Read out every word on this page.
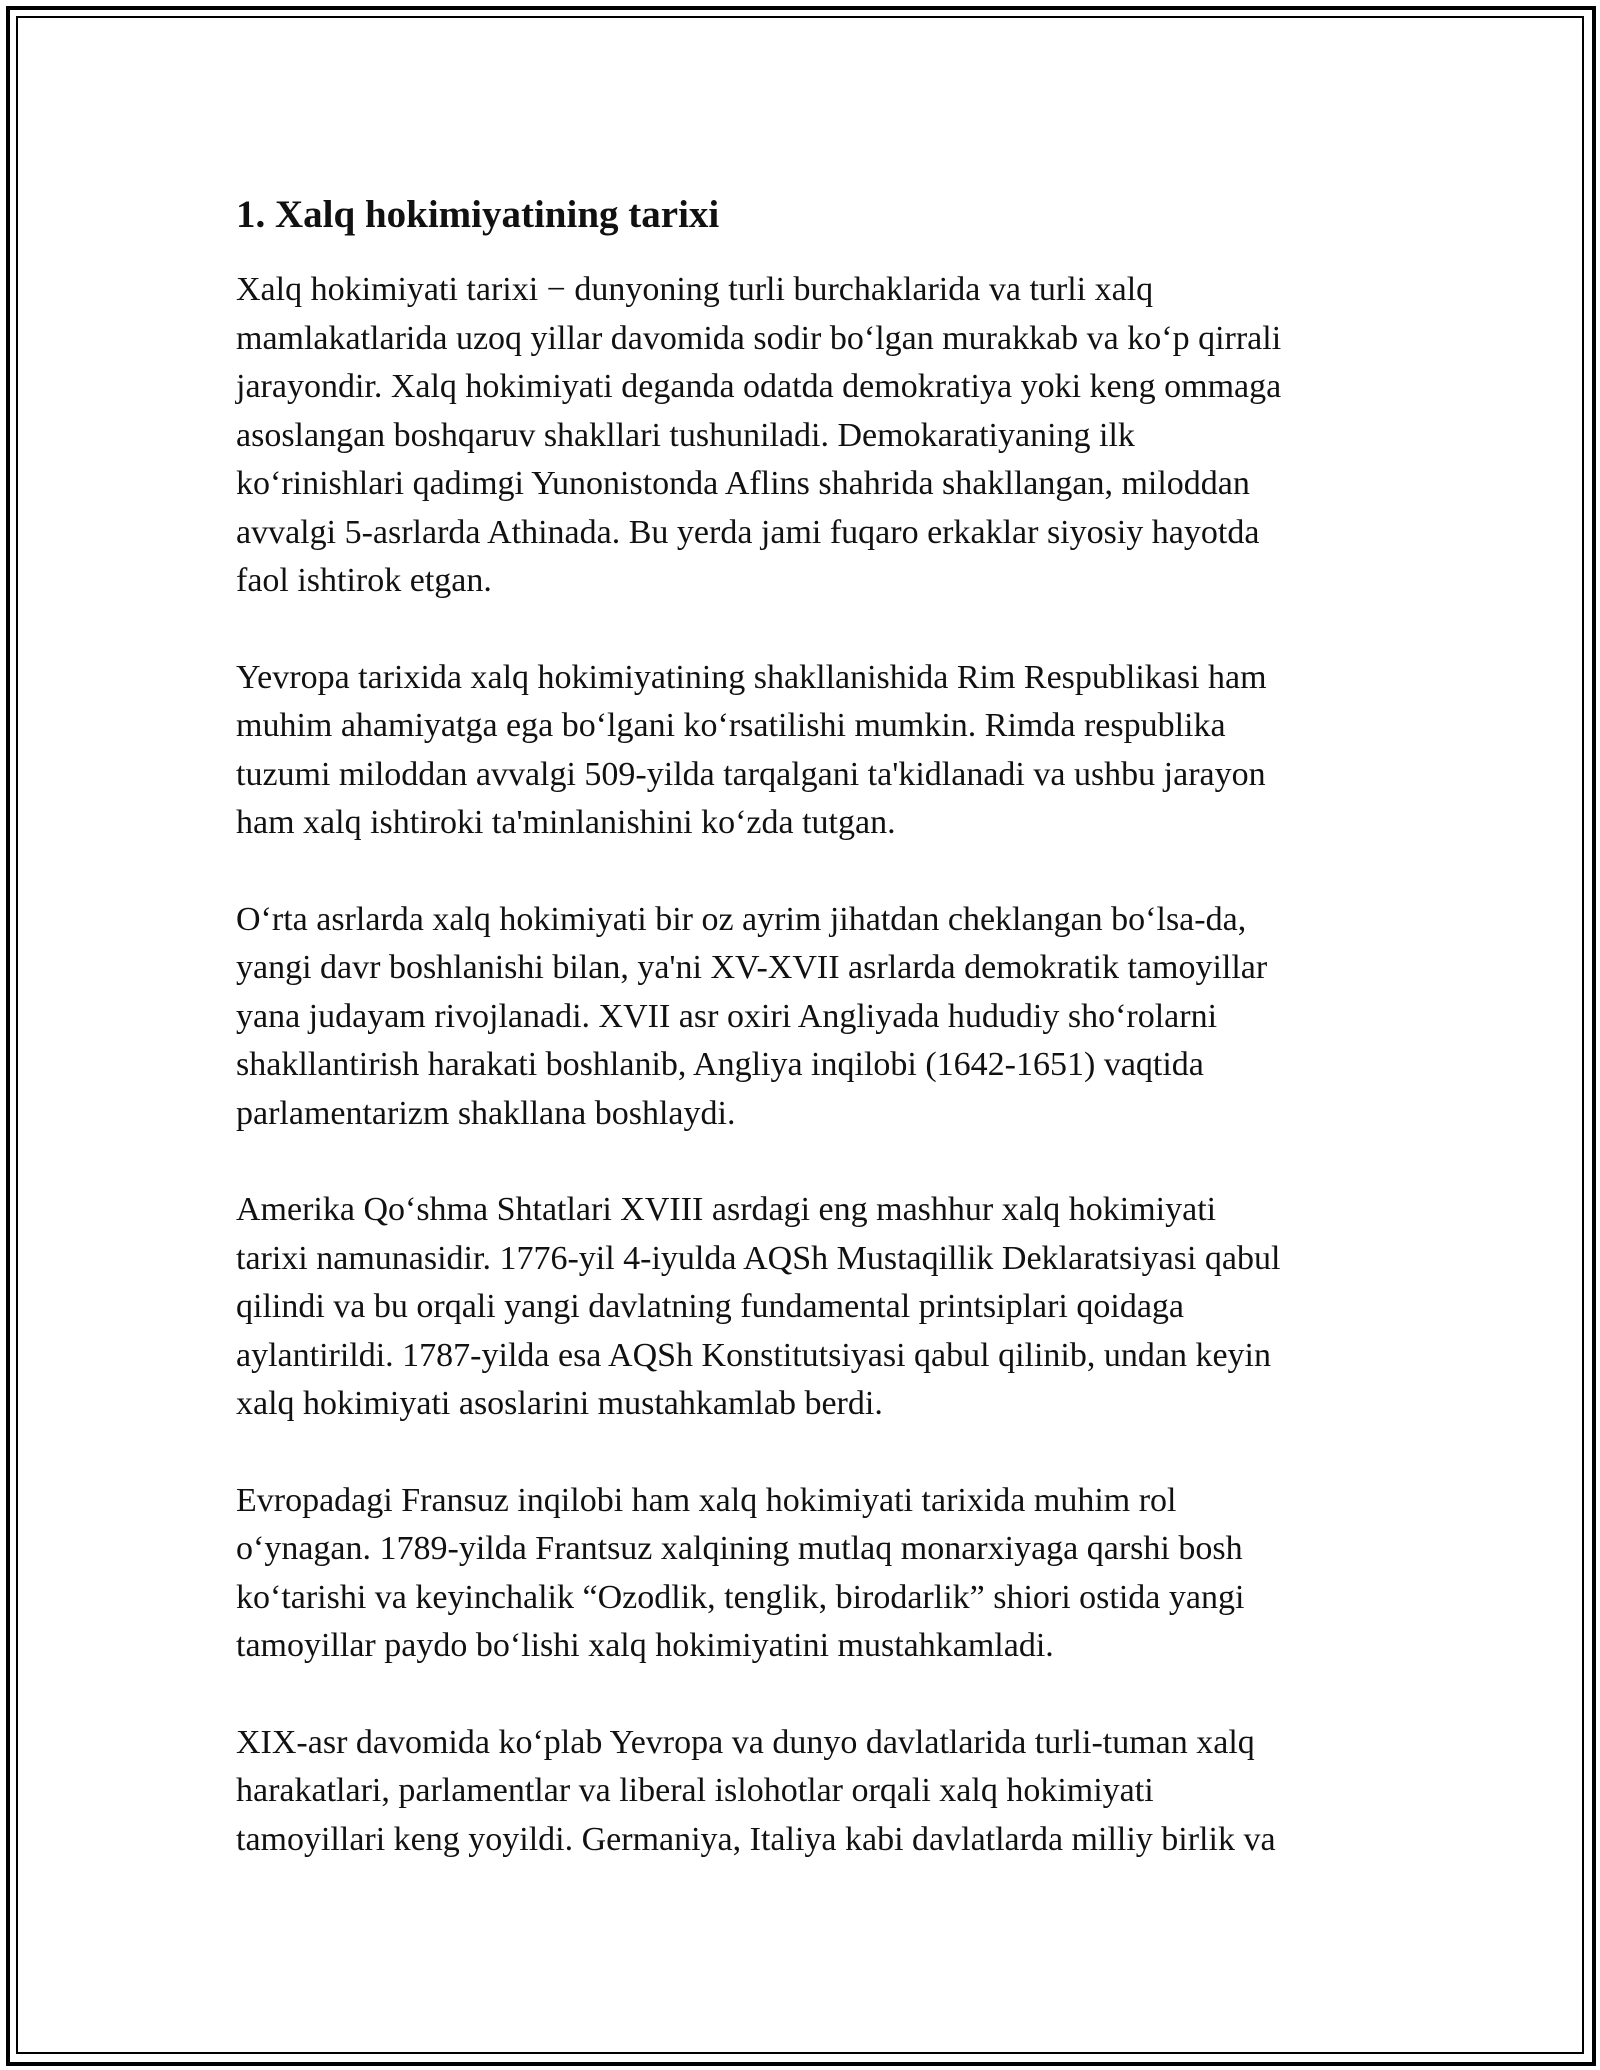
1. Xalq hokimiyatining tarixi
Xalq hokimiyati tarixi − dunyoning turli burchaklarida va turli xalq
mamlakatlarida uzoq yillar davomida sodir boʻlgan murakkab va koʻp qirrali
jarayondir. Xalq hokimiyati deganda odatda demokratiya yoki keng ommaga
asoslangan boshqaruv shakllari tushuniladi. Demokaratiyaning ilk
koʻrinishlari qadimgi Yunonistonda Aflins shahrida shakllangan, miloddan
avvalgi 5-asrlarda Athinada. Bu yerda jami fuqaro erkaklar siyosiy hayotda
faol ishtirok etgan.
Yevropa tarixida xalq hokimiyatining shakllanishida Rim Respublikasi ham
muhim ahamiyatga ega boʻlgani koʻrsatilishi mumkin. Rimda respublika
tuzumi miloddan avvalgi 509-yilda tarqalgani ta'kidlanadi va ushbu jarayon
ham xalq ishtiroki ta'minlanishini koʻzda tutgan.
Oʻrta asrlarda xalq hokimiyati bir oz ayrim jihatdan cheklangan boʻlsa-da,
yangi davr boshlanishi bilan, ya'ni XV-XVII asrlarda demokratik tamoyillar
yana judayam rivojlanadi. XVII asr oxiri Angliyada hududiy shoʻrolarni
shakllantirish harakati boshlanib, Angliya inqilobi (1642-1651) vaqtida
parlamentarizm shakllana boshlaydi.
Amerika Qoʻshma Shtatlari XVIII asrdagi eng mashhur xalq hokimiyati
tarixi namunasidir. 1776-yil 4-iyulda AQSh Mustaqillik Deklaratsiyasi qabul
qilindi va bu orqali yangi davlatning fundamental printsiplari qoidaga
aylantirildi. 1787-yilda esa AQSh Konstitutsiyasi qabul qilinib, undan keyin
xalq hokimiyati asoslarini mustahkamlab berdi.
Evropadagi Fransuz inqilobi ham xalq hokimiyati tarixida muhim rol
oʻynagan. 1789-yilda Frantsuz xalqining mutlaq monarxiyaga qarshi bosh
koʻtarishi va keyinchalik “Ozodlik, tenglik, birodarlik” shiori ostida yangi
tamoyillar paydo boʻlishi xalq hokimiyatini mustahkamladi.
XIX-asr davomida koʻplab Yevropa va dunyo davlatlarida turli-tuman xalq
harakatlari, parlamentlar va liberal islohotlar orqali xalq hokimiyati
tamoyillari keng yoyildi. Germaniya, Italiya kabi davlatlarda milliy birlik va
